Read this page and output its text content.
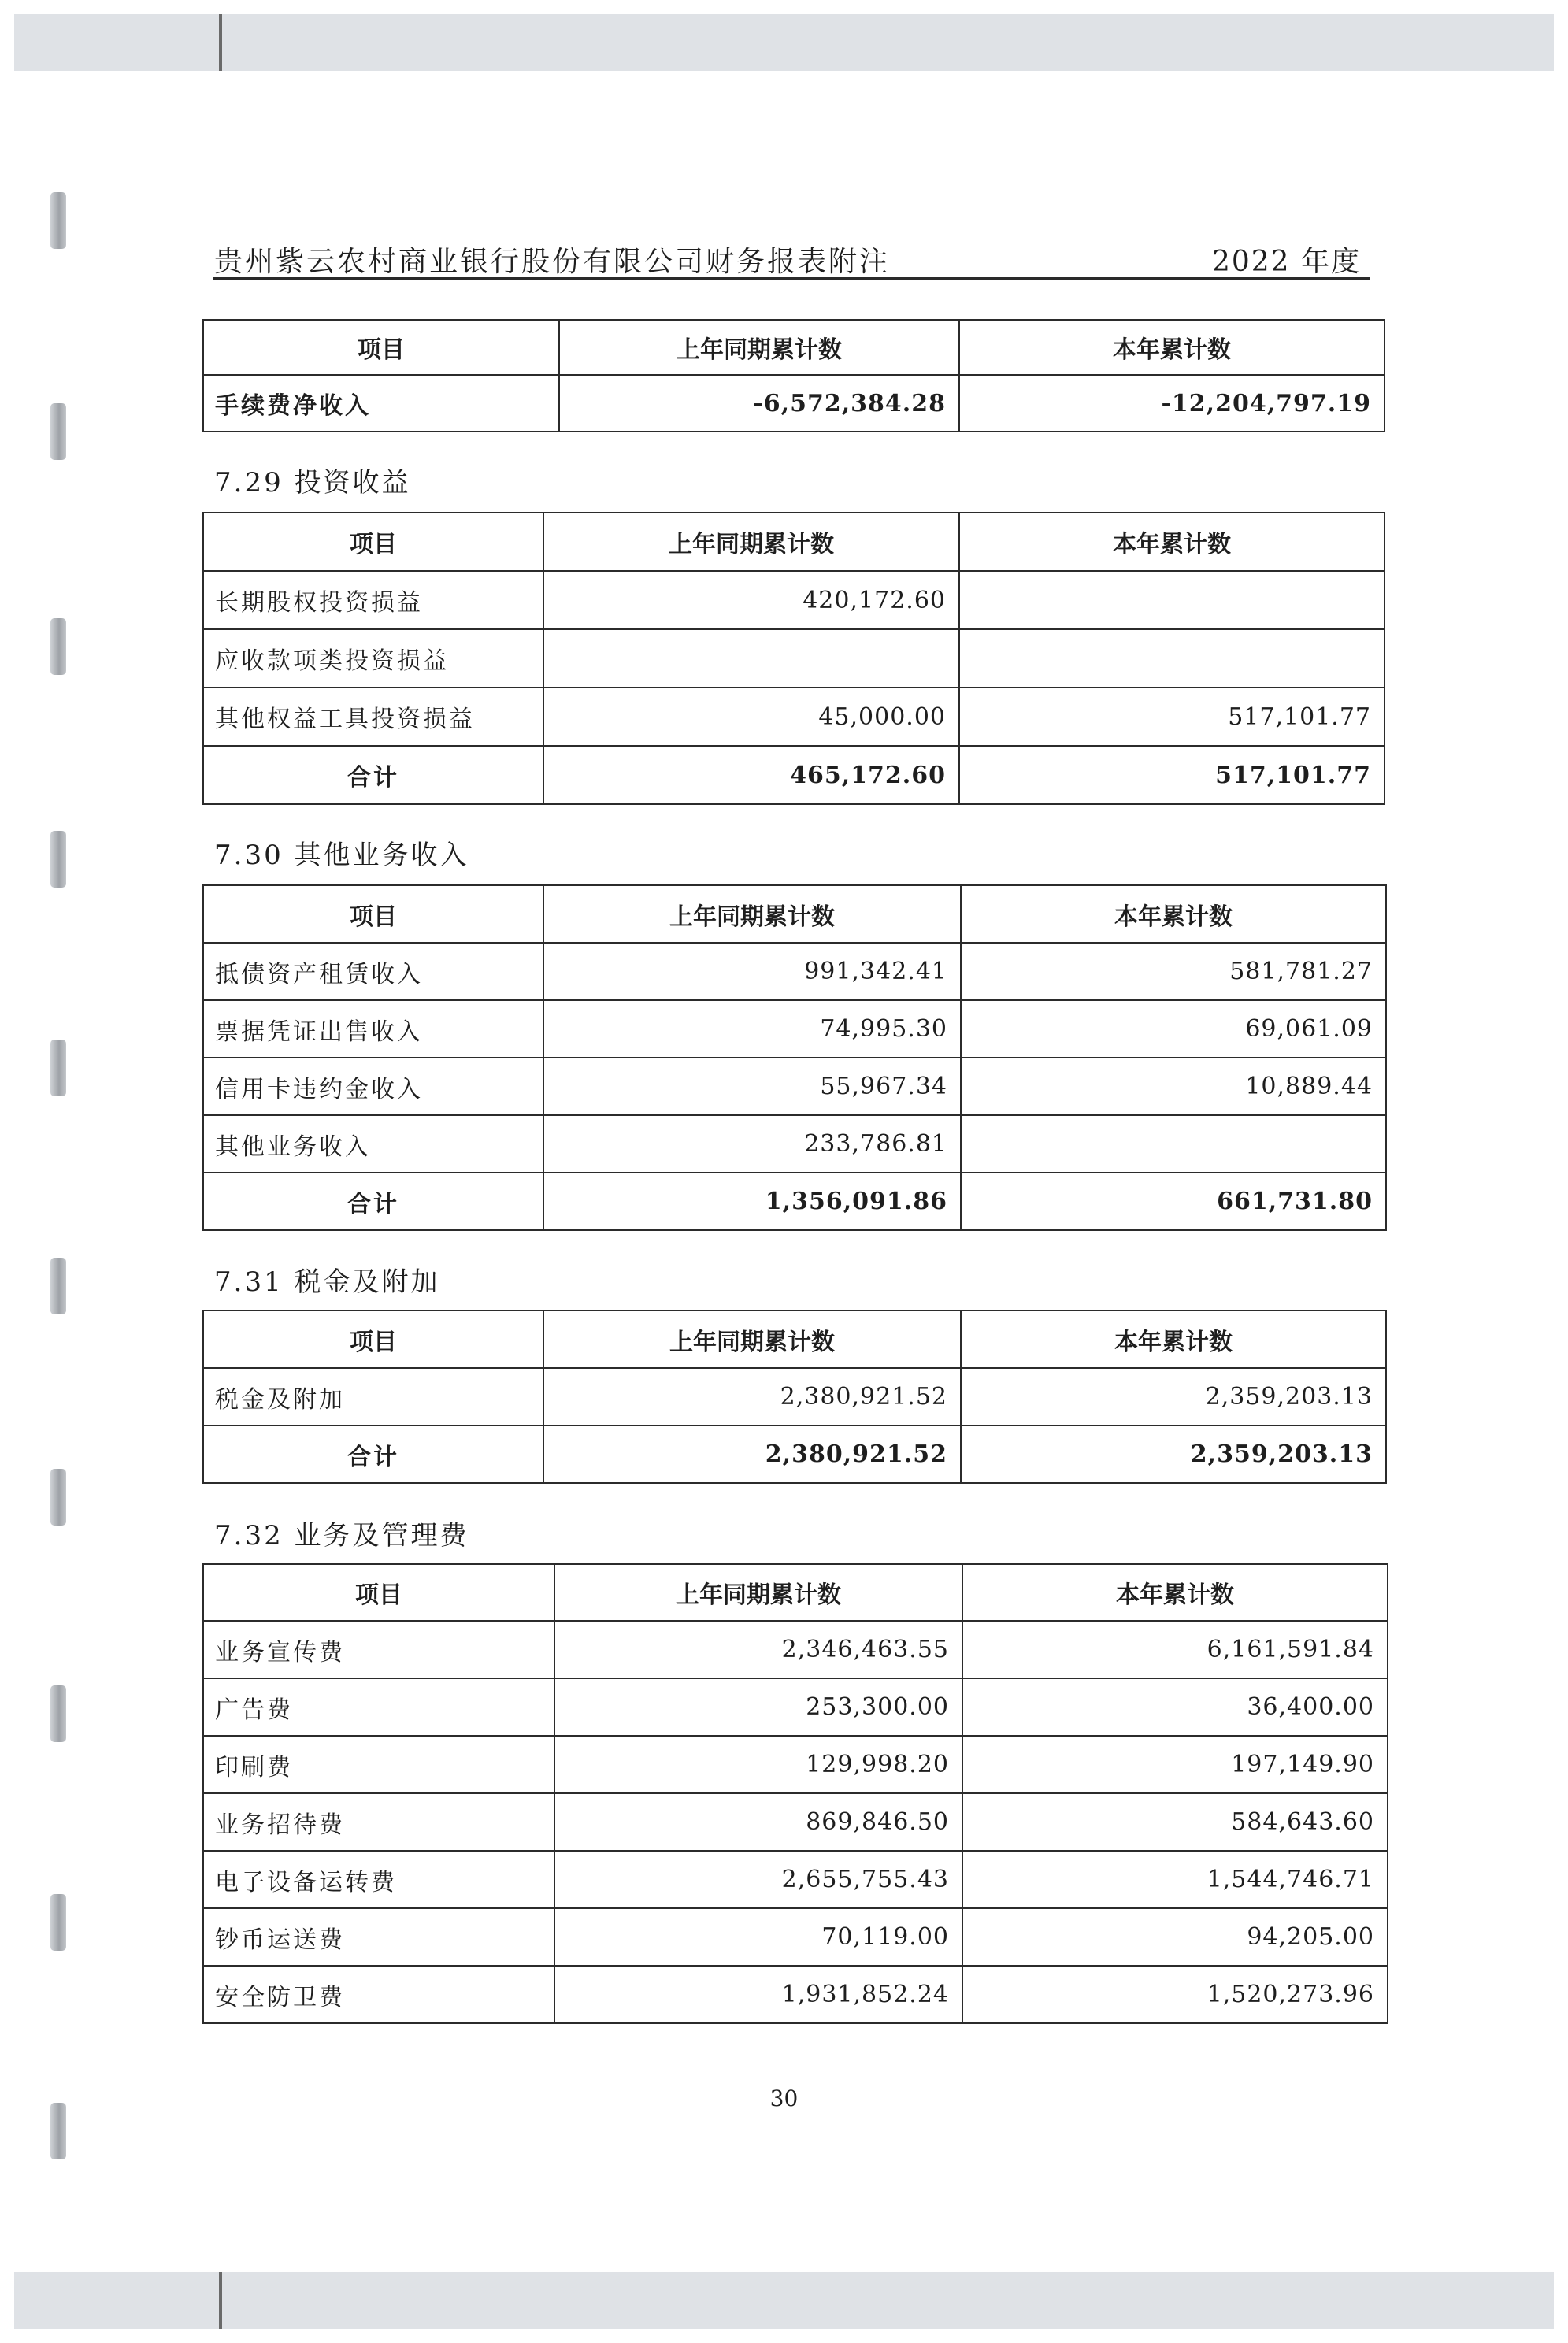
贵州紫云农村商业银行股份有限公司财务报表附注	2022 年度
项目	上年同期累计数	本年累计数
手续费净收入	-6,572,384.28	-12,204,797.19
7.29 投资收益
项目	上年同期累计数	本年累计数
长期股权投资损益	420,172.60	
应收款项类投资损益		
其他权益工具投资损益	45,000.00	517,101.77
合计	465,172.60	517,101.77
7.30 其他业务收入
项目	上年同期累计数	本年累计数
抵债资产租赁收入	991,342.41	581,781.27
票据凭证出售收入	74,995.30	69,061.09
信用卡违约金收入	55,967.34	10,889.44
其他业务收入	233,786.81	
合计	1,356,091.86	661,731.80
7.31 税金及附加
项目	上年同期累计数	本年累计数
税金及附加	2,380,921.52	2,359,203.13
合计	2,380,921.52	2,359,203.13
7.32 业务及管理费
项目	上年同期累计数	本年累计数
业务宣传费	2,346,463.55	6,161,591.84
广告费	253,300.00	36,400.00
印刷费	129,998.20	197,149.90
业务招待费	869,846.50	584,643.60
电子设备运转费	2,655,755.43	1,544,746.71
钞币运送费	70,119.00	94,205.00
安全防卫费	1,931,852.24	1,520,273.96
30
